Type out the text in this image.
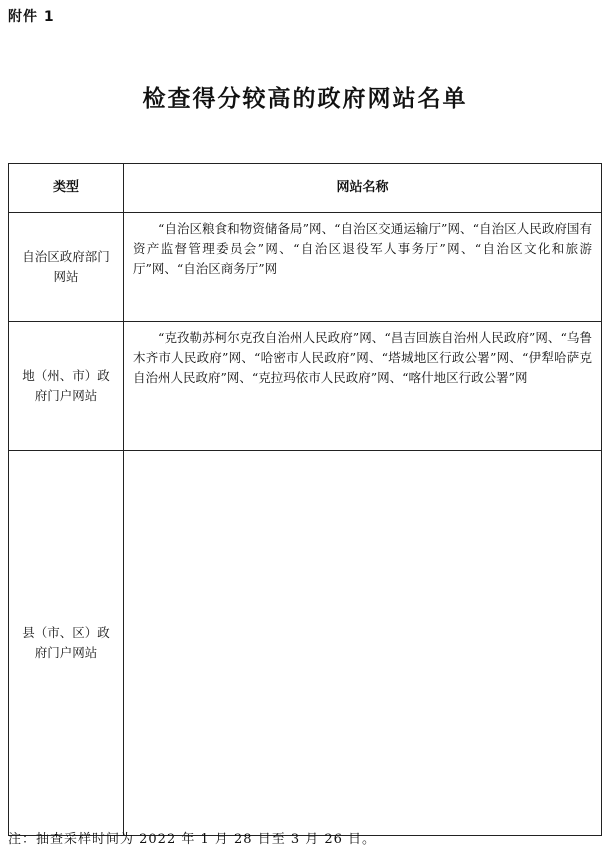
附件 1
检查得分较高的政府网站名单
类型	网站名称
自治区政府部门网站	“自治区粮食和物资储备局”网、“自治区交通运输厅”网、“自治区人民政府国有资产监督管理委员会”网、“自治区退役军人事务厅”网、“自治区文化和旅游厅”网、“自治区商务厅”网
地（州、市）政府门户网站	“克孜勒苏柯尔克孜自治州人民政府”网、“昌吉回族自治州人民政府”网、“乌鲁木齐市人民政府”网、“哈密市人民政府”网、“塔城地区行政公署”网、“伊犁哈萨克自治州人民政府”网、“克拉玛依市人民政府”网、“喀什地区行政公署”网
县（市、区）政府门户网站	
注：抽查采样时间为 2022 年 1 月 28 日至 3 月 26 日。
